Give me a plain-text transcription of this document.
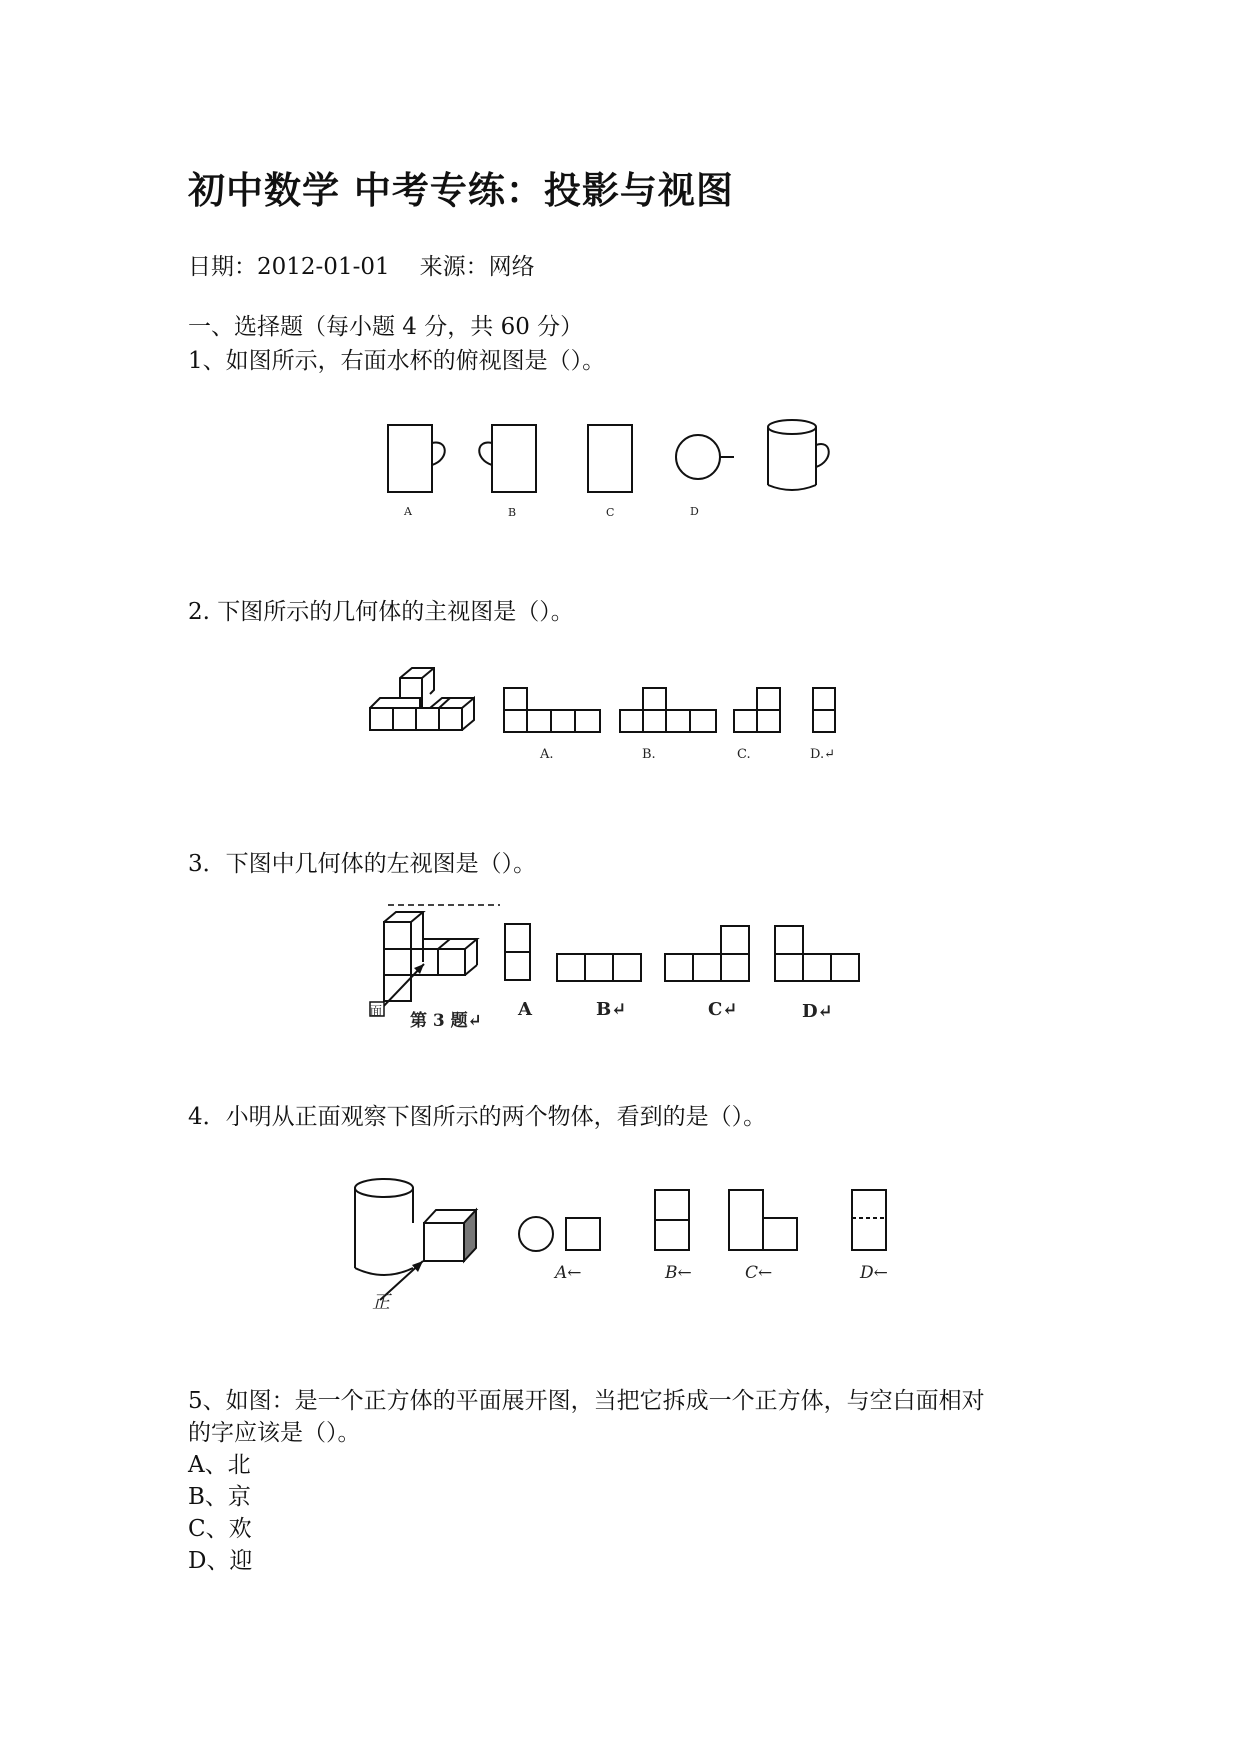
初中数学 中考专练：投影与视图
日期：2012-01-01 来源：网络
一、选择题（每小题 4 分，共 60 分）
1、如图所示，右面水杯的俯视图是（）。
A	B	C	D
2. 下图所示的几何体的主视图是（）。
A.	B.	C.	D.↵
3．下图中几何体的左视图是（）。
面 第 3 题↵
A	B↵	C↵	D↵
4．小明从正面观察下图所示的两个物体，看到的是（）。
正
A←	B←	C←	D←
5、如图：是一个正方体的平面展开图，当把它拆成一个正方体，与空白面相对
的字应该是（）。
A、北
B、京
C、欢
D、迎
